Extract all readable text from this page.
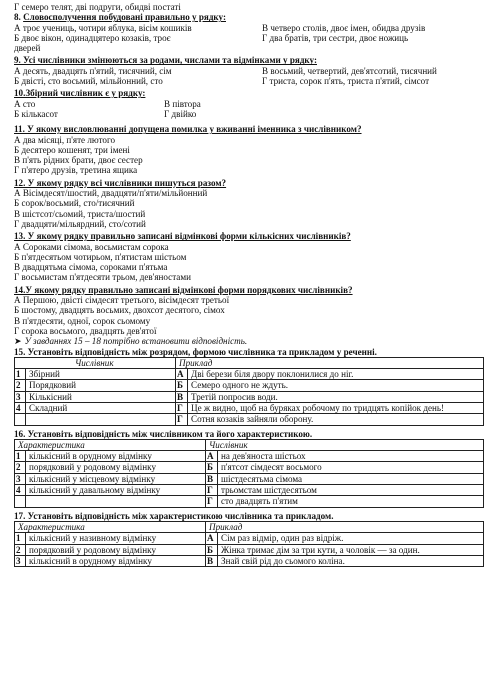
Г семеро телят, дві подруги, обидві постаті
8. Словосполучення побудовані правильно у рядку:
А троє учениць, чотири яблука, вісім кошиків
Б двоє вікон, одинадцятеро козаків, троє
дверей
В четверо столів, двоє імен, обидва друзів
Г два братів, три сестри, двоє ножиць
9. Усі числівники змінюються за родами, числами та відмінками у рядку:
А десять, двадцять п'ятий, тисячний, сім
Б двісті, сто восьмий, мільйонний, сто
В восьмий, четвертий, дев'ятсотий, тисячний
Г триста, сорок п'ять, триста п'ятий, сімсот
10.Збірний числівник є у рядку:
А сто
Б кількасот
В півтора
Г двійко
11. У якому висловлюванні допущена помилка у вживанні іменника з числівником?
А два місяці, п'яте лютого
Б десятеро кошенят, три імені
В п'ять рідних брати, двоє сестер
Г п'ятеро друзів, третина ящика
12. У якому рядку всі числівники пишуться разом?
А Вісімдесят/шостий, двадцяти/п'яти/мільйонний
Б сорок/восьмий, сто/тисячний
В шістсот/сьомий, триста/шостий
Г двадцяти/мільярдний, сто/сотий
13. У якому рядку правильно записані відмінкові форми кількісних числівників?
А Сороками сімома, восьмистам сорока
Б п'ятдесятьом чотирьом, п'ятистам шістьом
В двадцятьма сімома, сороками п'ятьма
Г восьмистам п'ятдесяти трьом, дев'яностами
14.У якому рядку правильно записані відмінкові форми порядкових числівників?
А Першою, двісті сімдесят третього, вісімдесят третьої
Б шостому, двадцять восьмих, двохсот десятого, сімох
В п'ятдесяти, одної, сорок сьомому
Г сорока восьмого, двадцять дев'ятої
➤ У завданнях 15 – 18 потрібно встановити відповідність.
15. Установіть відповідність між розрядом, формою числівника та прикладом у реченні.
Числівник		Приклад	
1	Збірний	А	Дві берези біля двору поклонилися до ніг.
2	Порядковий	Б	Семеро одного не ждуть.
3	Кількісний	В	Третій попросив води.
4	Складний	Г	Це ж видно, щоб на буряках робочому по тридцять копійок день!
		Г	Сотня козаків зайняли оборону.
16. Установіть відповідність між числівником та його характеристикою.
Характеристика		Числівник	
1	кількісний в орудному відмінку	А	на дев'яноста шістьох
2	порядковий у родовому відмінку	Б	п'ятсот сімдесят восьмого
3	кількісний у місцевому відмінку	В	шістдесятьма сімома
4	кількісний у давальному відмінку	Г	трьомстам шістдесятьом
		Г	сто двадцять п'ятим
17. Установіть відповідність між характеристикою числівника та прикладом.
Характеристика		Приклад	
1	кількісний у називному відмінку	А	Сім раз відмір, один раз відріж.
2	порядковий у родовому відмінку	Б	Жінка тримає дім за три кути, а чоловік — за один.
3	кількісний в орудному відмінку	В	Знай свій рід до сьомого коліна.
